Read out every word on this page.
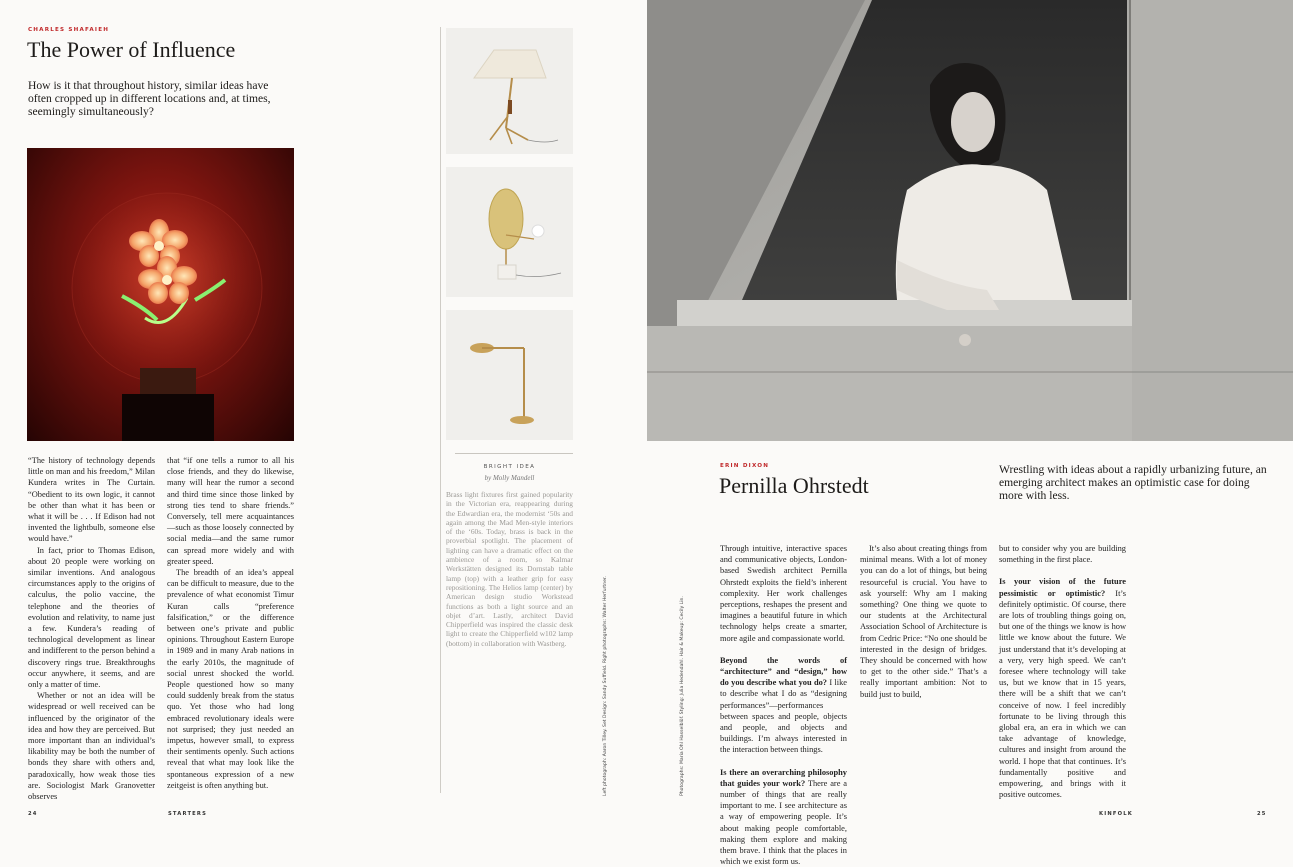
CHARLES SHAFAIEH
The Power of Influence
How is it that throughout history, similar ideas have often cropped up in different locations and, at times, seemingly simultaneously?

“The history of technology depends little on man and his freedom,” Milan Kundera writes in The Curtain. “Obedient to its own logic, it cannot be other than what it has been or what it will be . . . If Edison had not invented the lightbulb, someone else would have.”

In fact, prior to Thomas Edison, about 20 people were working on similar inventions. And analogous circumstances apply to the origins of calculus, the polio vaccine, the telephone and the theories of evolution and relativity, to name just a few. Kundera’s reading of technological development as linear and indifferent to the person behind a discovery rings true. Breakthroughs occur anywhere, it seems, and are only a matter of time.

Whether or not an idea will be widespread or well received can be influenced by the originator of the idea and how they are perceived. But more important than an individual’s likability may be both the number of bonds they share with others and, paradoxically, how weak those ties are. Sociologist Mark Granovetter observes

that “if one tells a rumor to all his close friends, and they do likewise, many will hear the rumor a second and third time since those linked by strong ties tend to share friends.” Conversely, tell mere acquaintances—such as those loosely connected by social media—and the same rumor can spread more widely and with greater speed.

The breadth of an idea’s appeal can be difficult to measure, due to the prevalence of what economist Timur Kuran calls “preference falsification,” or the difference between one’s private and public opinions. Throughout Eastern Europe in 1989 and in many Arab nations in the early 2010s, the magnitude of social unrest shocked the world. People questioned how so many could suddenly break from the status quo. Yet those who had long embraced revolutionary ideals were not surprised; they just needed an impetus, however small, to express their sentiments openly. Such actions reveal that what may look like the spontaneous expression of a new zeitgeist is often anything but.

24	STARTERS
BRIGHT IDEA
by Molly Mandell
Brass light fixtures first gained popularity in the Victorian era, reappearing during the Edwardian era, the modernist ‘50s and again among the Mad Men-style interiors of the ‘60s. Today, brass is back in the proverbial spotlight. The placement of lighting can have a dramatic effect on the ambience of a room, so Kalmar Werkstätten designed its Dornstab table lamp (top) with a leather grip for easy repositioning. The Helios lamp (center) by American design studio Workstead functions as both a light source and an objet d’art. Lastly, architect David Chipperfield was inspired the classic desk light to create the Chipperfield w102 lamp (bottom) in collaboration with Wastberg.	Left photograph: Aaron Tilley. Set Design: Sandy Suffield. Right photographs: Walter Herfurtner.	Photographs: Maria Ohl Hasselblöf. Styling: Julia Hedendahl. Hair & Makeup: Cecily Lin.
ERIN DIXON
Pernilla Ohrstedt
Wrestling with ideas about a rapidly urbanizing future, an emerging architect makes an optimistic case for doing more with less.

Through intuitive, interactive spaces and communicative objects, London-based Swedish architect Pernilla Ohrstedt exploits the field’s inherent complexity. Her work challenges perceptions, reshapes the present and imagines a beautiful future in which technology helps create a smarter, more agile and compassionate world.

Beyond the words of “architecture” and “design,” how do you describe what you do? I like to describe what I do as “designing performances”—performances between spaces and people, objects and people, and objects and buildings. I’m always interested in the interaction between things.

Is there an overarching philosophy that guides your work? There are a number of things that are really important to me. I see architecture as a way of empowering people. It’s about making people comfortable, making them explore and making them brave. I think that the places in which we exist form us.

It’s also about creating things from minimal means. With a lot of money you can do a lot of things, but being resourceful is crucial. You have to ask yourself: Why am I making something? One thing we quote to our students at the Architectural Association School of Architecture is from Cedric Price: “No one should be interested in the design of bridges. They should be concerned with how to get to the other side.” That’s a really important ambition: Not to build just to build,

but to consider why you are building something in the first place.

Is your vision of the future pessimistic or optimistic? It’s definitely optimistic. Of course, there are lots of troubling things going on, but one of the things we know is how little we know about the future. We just understand that it’s developing at a very, very high speed. We can’t foresee where technology will take us, but we know that in 15 years, there will be a shift that we can’t conceive of now. I feel incredibly fortunate to be living through this global era, an era in which we can take advantage of knowledge, cultures and insight from around the world. I hope that that continues. It’s fundamentally positive and empowering, and brings with it positive outcomes.

KINFOLK	25
